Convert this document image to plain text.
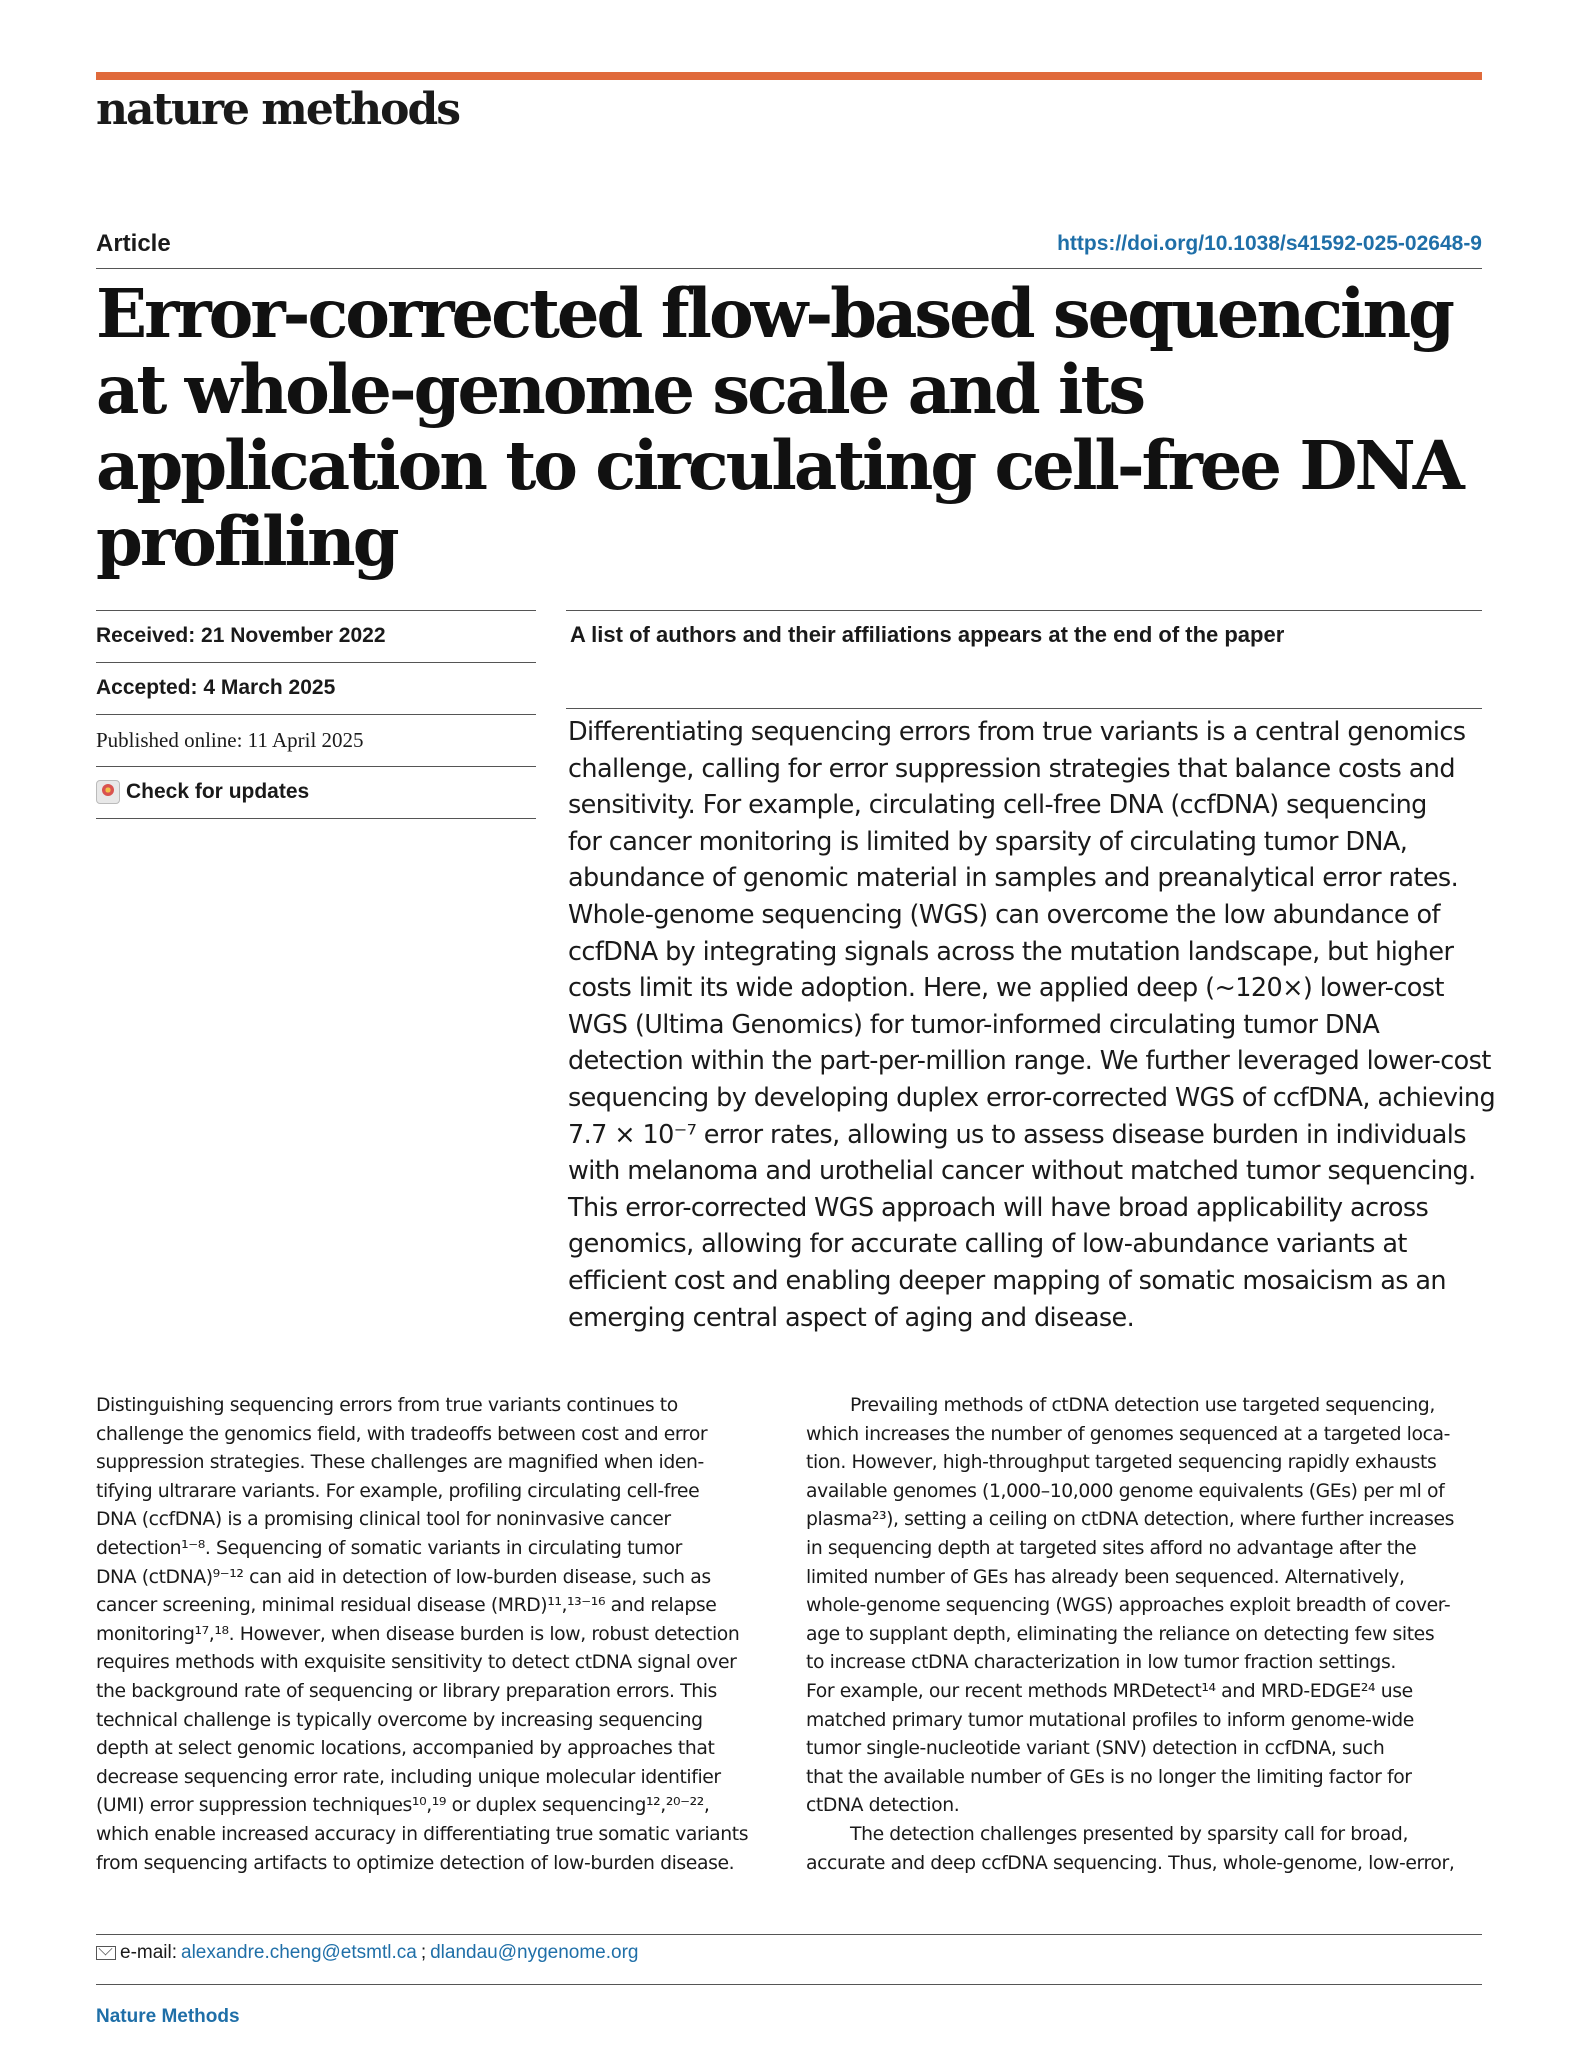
nature methods
Article	https://doi.org/10.1038/s41592-025-02648-9
Error-corrected flow-based sequencing at whole-genome scale and its application to circulating cell-free DNA profiling
Received: 21 November 2022
Accepted: 4 March 2025
Published online: 11 April 2025
Check for updates
A list of authors and their affiliations appears at the end of the paper
Differentiating sequencing errors from true variants is a central genomics
challenge, calling for error suppression strategies that balance costs and
sensitivity. For example, circulating cell-free DNA (ccfDNA) sequencing
for cancer monitoring is limited by sparsity of circulating tumor DNA,
abundance of genomic material in samples and preanalytical error rates.
Whole-genome sequencing (WGS) can overcome the low abundance of
ccfDNA by integrating signals across the mutation landscape, but higher
costs limit its wide adoption. Here, we applied deep (~120×) lower-cost
WGS (Ultima Genomics) for tumor-informed circulating tumor DNA
detection within the part-per-million range. We further leveraged lower-cost
sequencing by developing duplex error-corrected WGS of ccfDNA, achieving
7.7 × 10⁻⁷ error rates, allowing us to assess disease burden in individuals
with melanoma and urothelial cancer without matched tumor sequencing.
This error-corrected WGS approach will have broad applicability across
genomics, allowing for accurate calling of low-abundance variants at
efficient cost and enabling deeper mapping of somatic mosaicism as an
emerging central aspect of aging and disease.
Distinguishing sequencing errors from true variants continues to
challenge the genomics field, with tradeoffs between cost and error
suppression strategies. These challenges are magnified when iden-
tifying ultrarare variants. For example, profiling circulating cell-free
DNA (ccfDNA) is a promising clinical tool for noninvasive cancer
detection¹⁻⁸. Sequencing of somatic variants in circulating tumor
DNA (ctDNA)⁹⁻¹² can aid in detection of low-burden disease, such as
cancer screening, minimal residual disease (MRD)¹¹,¹³⁻¹⁶ and relapse
monitoring¹⁷,¹⁸. However, when disease burden is low, robust detection
requires methods with exquisite sensitivity to detect ctDNA signal over
the background rate of sequencing or library preparation errors. This
technical challenge is typically overcome by increasing sequencing
depth at select genomic locations, accompanied by approaches that
decrease sequencing error rate, including unique molecular identifier
(UMI) error suppression techniques¹⁰,¹⁹ or duplex sequencing¹²,²⁰⁻²²,
which enable increased accuracy in differentiating true somatic variants
from sequencing artifacts to optimize detection of low-burden disease.
Prevailing methods of ctDNA detection use targeted sequencing,
which increases the number of genomes sequenced at a targeted loca-
tion. However, high-throughput targeted sequencing rapidly exhausts
available genomes (1,000–10,000 genome equivalents (GEs) per ml of
plasma²³), setting a ceiling on ctDNA detection, where further increases
in sequencing depth at targeted sites afford no advantage after the
limited number of GEs has already been sequenced. Alternatively,
whole-genome sequencing (WGS) approaches exploit breadth of cover-
age to supplant depth, eliminating the reliance on detecting few sites
to increase ctDNA characterization in low tumor fraction settings.
For example, our recent methods MRDetect¹⁴ and MRD-EDGE²⁴ use
matched primary tumor mutational profiles to inform genome-wide
tumor single-nucleotide variant (SNV) detection in ccfDNA, such
that the available number of GEs is no longer the limiting factor for
ctDNA detection.
The detection challenges presented by sparsity call for broad,
accurate and deep ccfDNA sequencing. Thus, whole-genome, low-error,
e-mail: alexandre.cheng@etsmtl.ca ; dlandau@nygenome.org
Nature Methods
